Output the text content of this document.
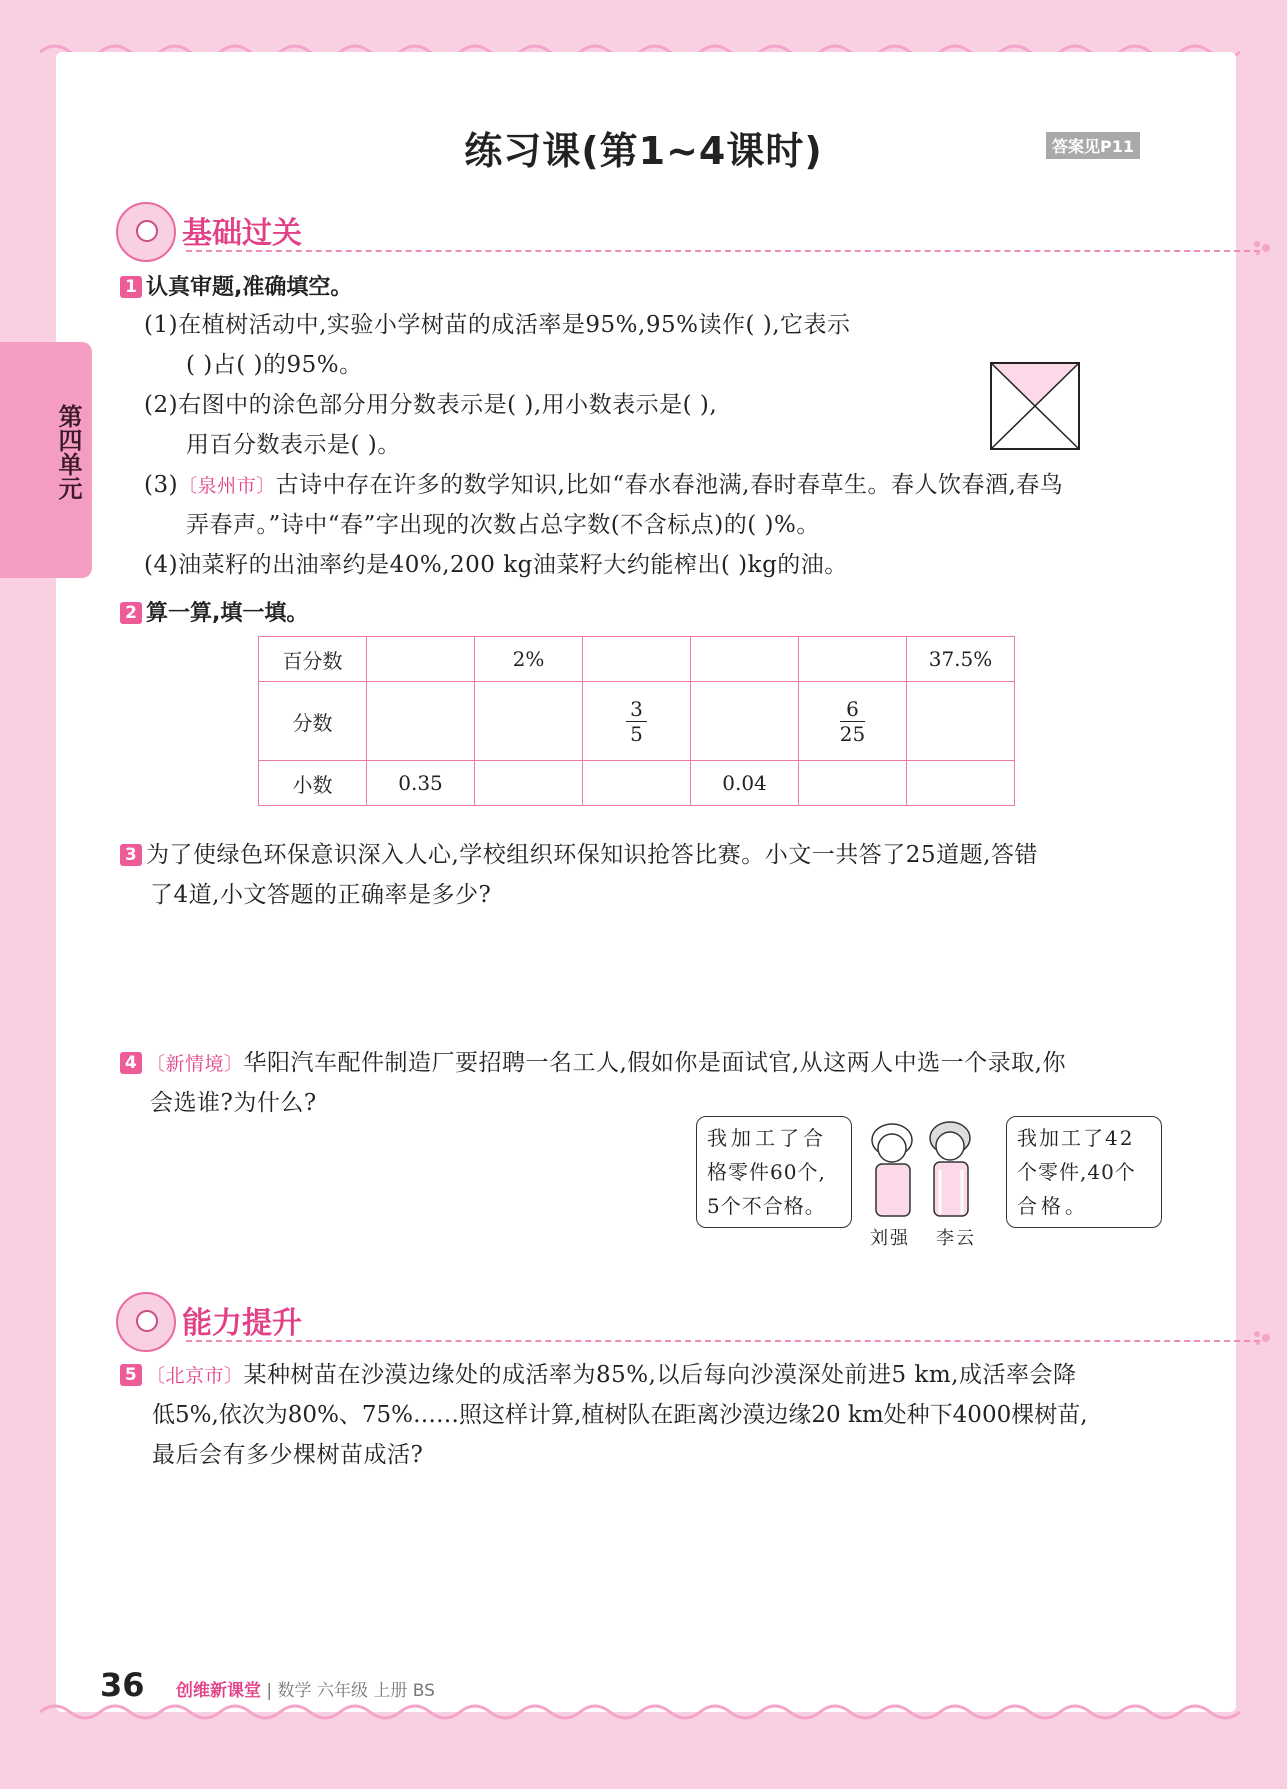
第四单元
练习课(第1~4课时)	答案见P11
基础过关
1 认真审题,准确填空。
(1)在植树活动中,实验小学树苗的成活率是95%,95%读作( ),它表示
( )占( )的95%。
(2)右图中的涂色部分用分数表示是( ),用小数表示是( ),
用百分数表示是( )。
(3)〔泉州市〕古诗中存在许多的数学知识,比如“春水春池满,春时春草生。春人饮春酒,春鸟
弄春声。”诗中“春”字出现的次数占总字数(不含标点)的( )%。
(4)油菜籽的出油率约是40%,200 kg油菜籽大约能榨出( )kg的油。
2 算一算,填一填。
百分数		2%				37.5%
分数			$\frac{3}{5}$		$\frac{6}{25}$

小数	0.35			0.04		
3 为了使绿色环保意识深入人心,学校组织环保知识抢答比赛。小文一共答了25道题,答错
了4道,小文答题的正确率是多少?
4 〔新情境〕华阳汽车配件制造厂要招聘一名工人,假如你是面试官,从这两人中选一个录取,你
会选谁?为什么?
我加工了合
格零件60个,
5个不合格。
我加工了42
个零件,40个
合格。
刘强 李云
能力提升
5 〔北京市〕某种树苗在沙漠边缘处的成活率为85%,以后每向沙漠深处前进5 km,成活率会降
低5%,依次为80%、75%……照这样计算,植树队在距离沙漠边缘20 km处种下4000棵树苗,
最后会有多少棵树苗成活?
36 创维新课堂 | 数学 六年级 上册 BS
